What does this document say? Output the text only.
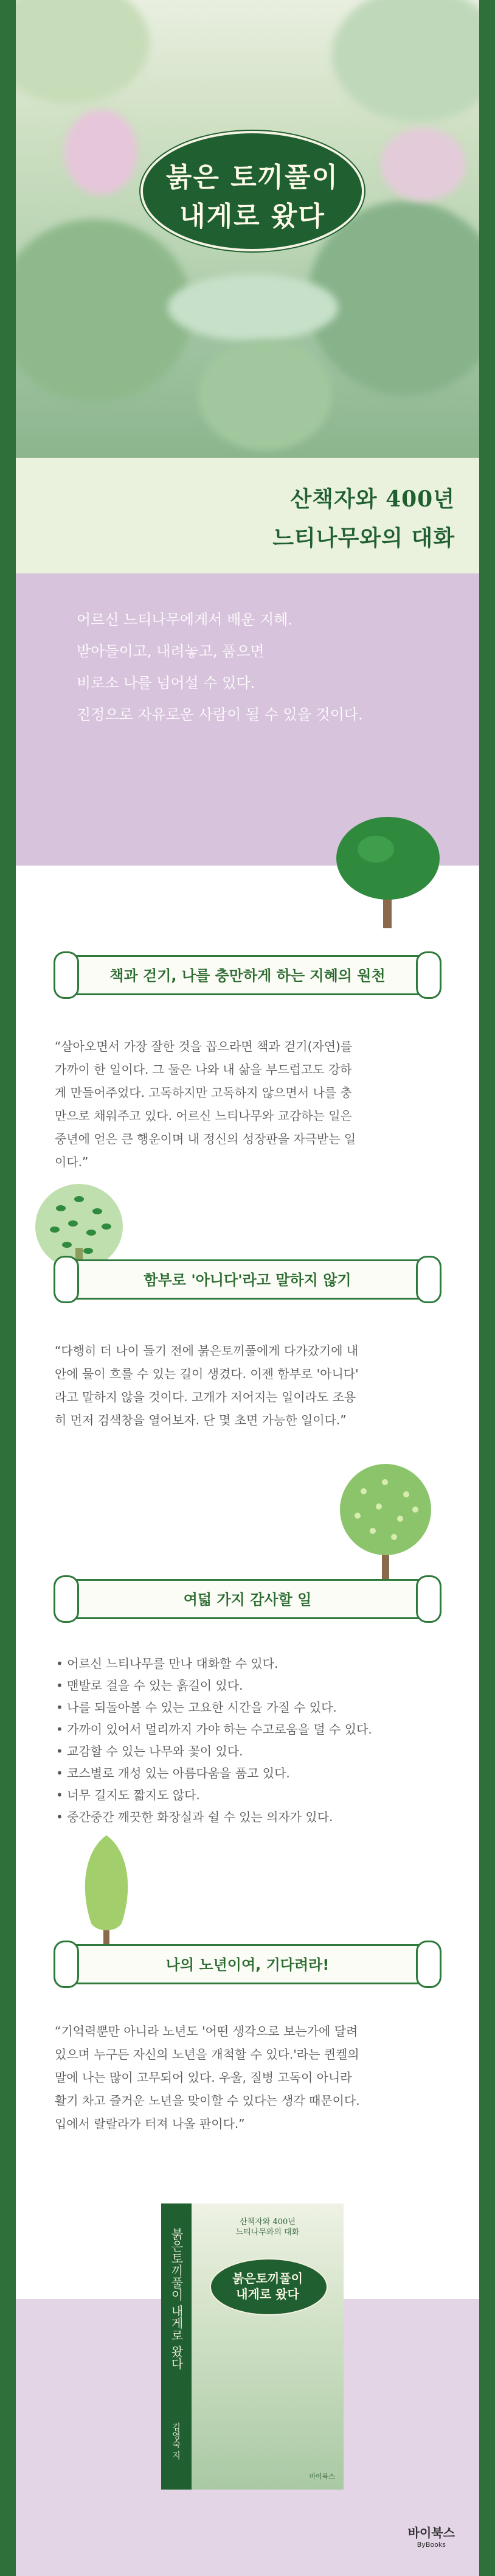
붉은 토끼풀이
내게로 왔다
산책자와 400년
느티나무와의 대화
어르신 느티나무에게서 배운 지혜.
받아들이고, 내려놓고, 품으면
비로소 나를 넘어설 수 있다.
진정으로 자유로운 사람이 될 수 있을 것이다.
책과 걷기, 나를 충만하게 하는 지혜의 원천

“살아오면서 가장 잘한 것을 꼽으라면 책과 걷기(자연)를
가까이 한 일이다. 그 둘은 나와 내 삶을 부드럽고도 강하
게 만들어주었다. 고독하지만 고독하지 않으면서 나를 충
만으로 채워주고 있다. 어르신 느티나무와 교감하는 일은
중년에 얻은 큰 행운이며 내 정신의 성장판을 자극받는 일
이다.”

함부로 '아니다'라고 말하지 않기

“다행히 더 나이 들기 전에 붉은토끼풀에게 다가갔기에 내
안에 물이 흐를 수 있는 길이 생겼다. 이젠 함부로 '아니다'
라고 말하지 않을 것이다. 고개가 저어지는 일이라도 조용
히 먼저 검색창을 열어보자. 단 몇 초면 가능한 일이다.”

여덟 가지 감사할 일
• 어르신 느티나무를 만나 대화할 수 있다.
• 맨발로 걸을 수 있는 흙길이 있다.
• 나를 되돌아볼 수 있는 고요한 시간을 가질 수 있다.
• 가까이 있어서 멀리까지 가야 하는 수고로움을 덜 수 있다.
• 교감할 수 있는 나무와 꽃이 있다.
• 코스별로 개성 있는 아름다움을 품고 있다.
• 너무 길지도 짧지도 않다.
• 중간중간 깨끗한 화장실과 쉴 수 있는 의자가 있다.
나의 노년이여, 기다려라!

“기억력뿐만 아니라 노년도 '어떤 생각으로 보는가에 달려
있으며 누구든 자신의 노년을 개척할 수 있다.'라는 퀸켈의
말에 나는 많이 고무되어 있다. 우울, 질병 고독이 아니라
활기 차고 즐거운 노년을 맞이할 수 있다는 생각 때문이다.
입에서 랄랄라가 터져 나올 판이다.”

붉은토끼풀이 내게로 왔다
김영숙 지
산책자와 400년
느티나무와의 대화
붉은토끼풀이
내게로 왔다
바이북스
바이북스
ByBooks
